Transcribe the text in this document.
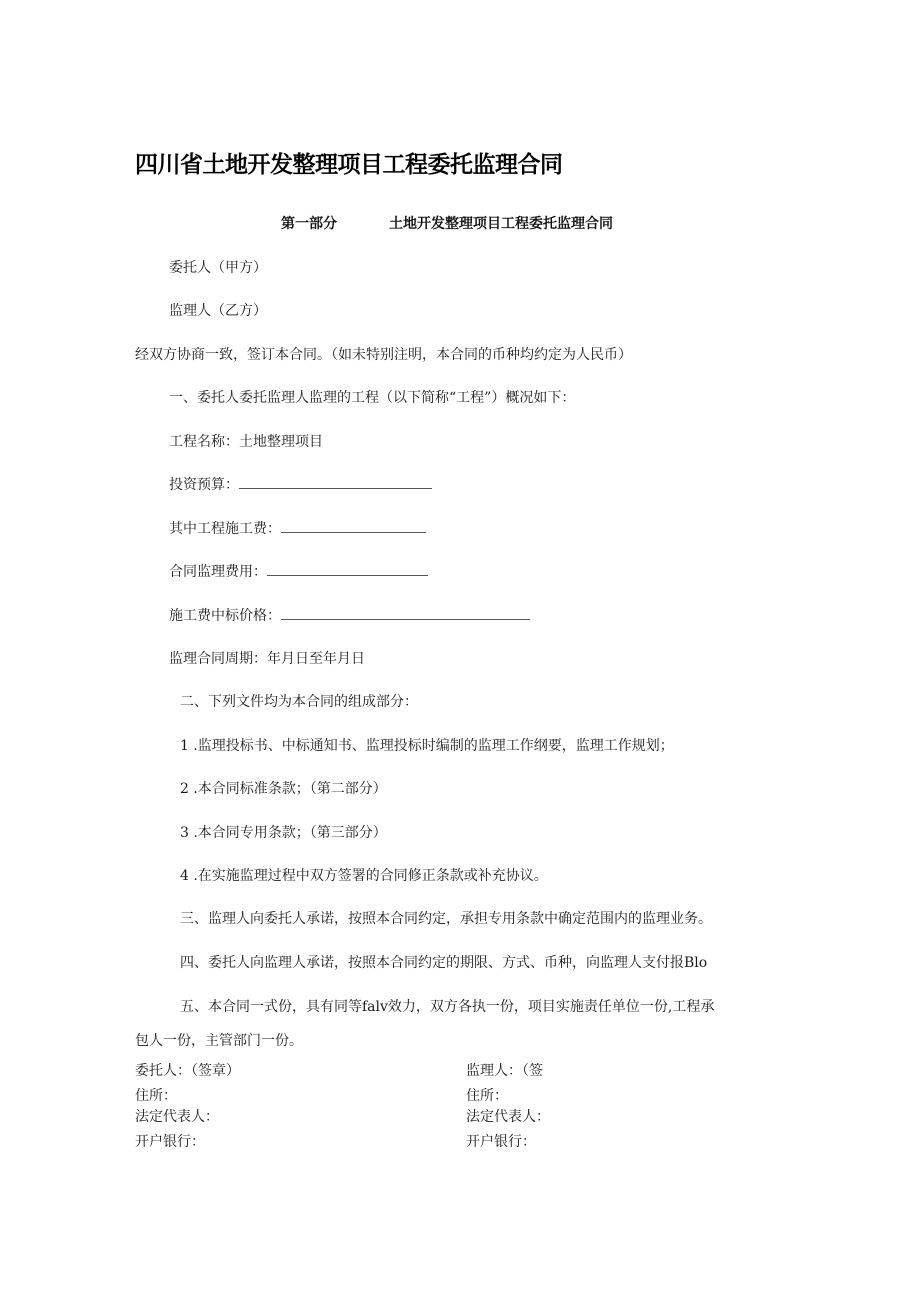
四川省土地开发整理项目工程委托监理合同
第一部分	土地开发整理项目工程委托监理合同
委托人（甲方）
监理人（乙方）
经双方协商一致，签订本合同。（如未特别注明，本合同的币种均约定为人民币）
一、委托人委托监理人监理的工程（以下简称“工程”）概况如下：
工程名称：土地整理项目
投资预算：
其中工程施工费：
合同监理费用：
施工费中标价格：
监理合同周期：年月日至年月日
二、下列文件均为本合同的组成部分：
1 .监理投标书、中标通知书、监理投标时编制的监理工作纲要，监理工作规划；
2 .本合同标准条款；（第二部分）
3 .本合同专用条款；（第三部分）
4 .在实施监理过程中双方签署的合同修正条款或补充协议。
三、监理人向委托人承诺，按照本合同约定，承担专用条款中确定范围内的监理业务。
四、委托人向监理人承诺，按照本合同约定的期限、方式、币种，向监理人支付报Blo
五、本合同一式份，具有同等falv效力，双方各执一份，项目实施责任单位一份,工程承
包人一份，主管部门一份。
委托人：（签章）	监理人：（签
住所：	住所：
法定代表人：	法定代表人：
开户银行：	开户银行：
